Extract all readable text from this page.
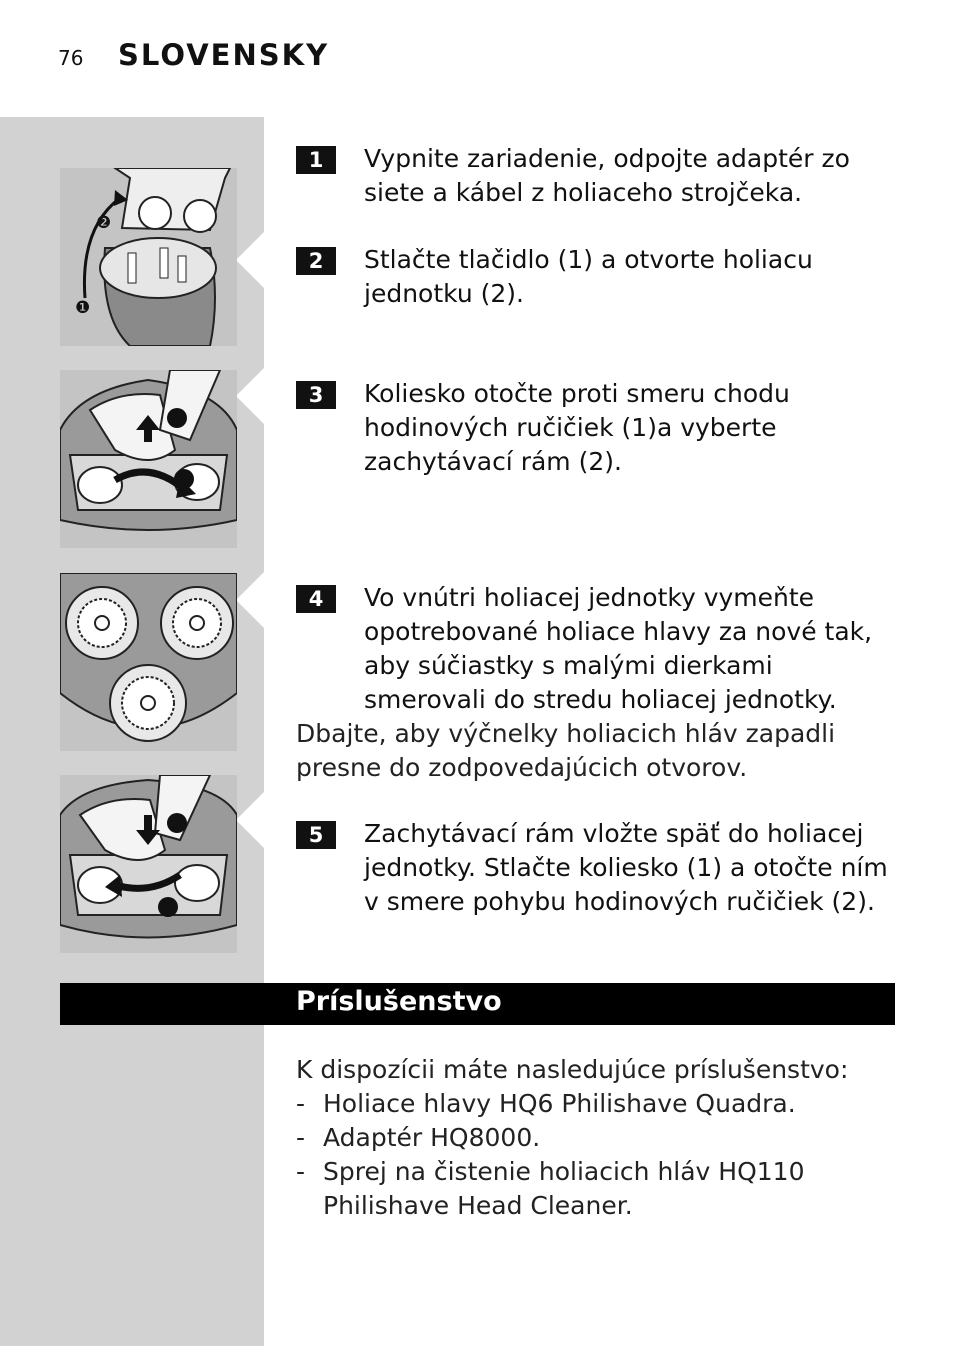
76 SLOVENSKY
❶
❷
1	Vypnite zariadenie, odpojte adaptér zo siete a kábel z holiaceho strojčeka.
2	Stlačte tlačidlo (1) a otvorte holiacu jednotku (2).
3	Koliesko otočte proti smeru chodu hodinových ručičiek (1)a vyberte zachytávací rám (2).
4	Vo vnútri holiacej jednotky vymeňte opotrebované holiace hlavy za nové tak, aby súčiastky s malými dierkami smerovali do stredu holiacej jednotky.
Dbajte, aby výčnelky holiacich hláv zapadli presne do zodpovedajúcich otvorov.
5	Zachytávací rám vložte späť do holiacej jednotky. Stlačte koliesko (1) a otočte ním v smere pohybu hodinových ručičiek (2).
Príslušenstvo
K dispozícii máte nasledujúce príslušenstvo:
- Holiace hlavy HQ6 Philishave Quadra.
- Adaptér HQ8000.
- Sprej na čistenie holiacich hláv HQ110 Philishave Head Cleaner.
